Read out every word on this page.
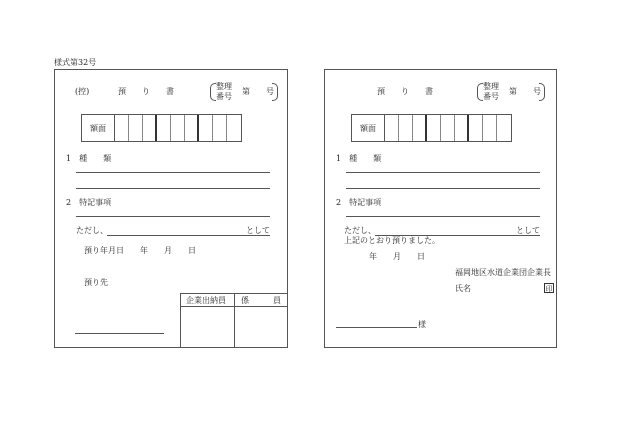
様式第32号
(控)	預　　り　　書
整理
番号
第　　号
額面
1　種　　類
2　特記事項
ただし、	として
預り年月日　　年　　月　　日
預り先
企業出納員 係　　　員
預　　り　　書
整理
番号
第　　号
額面
1　種　　類
2　特記事項
ただし、	として
上記のとおり預りました。
年　　月　　日
福岡地区水道企業団企業長
氏名	印
様
